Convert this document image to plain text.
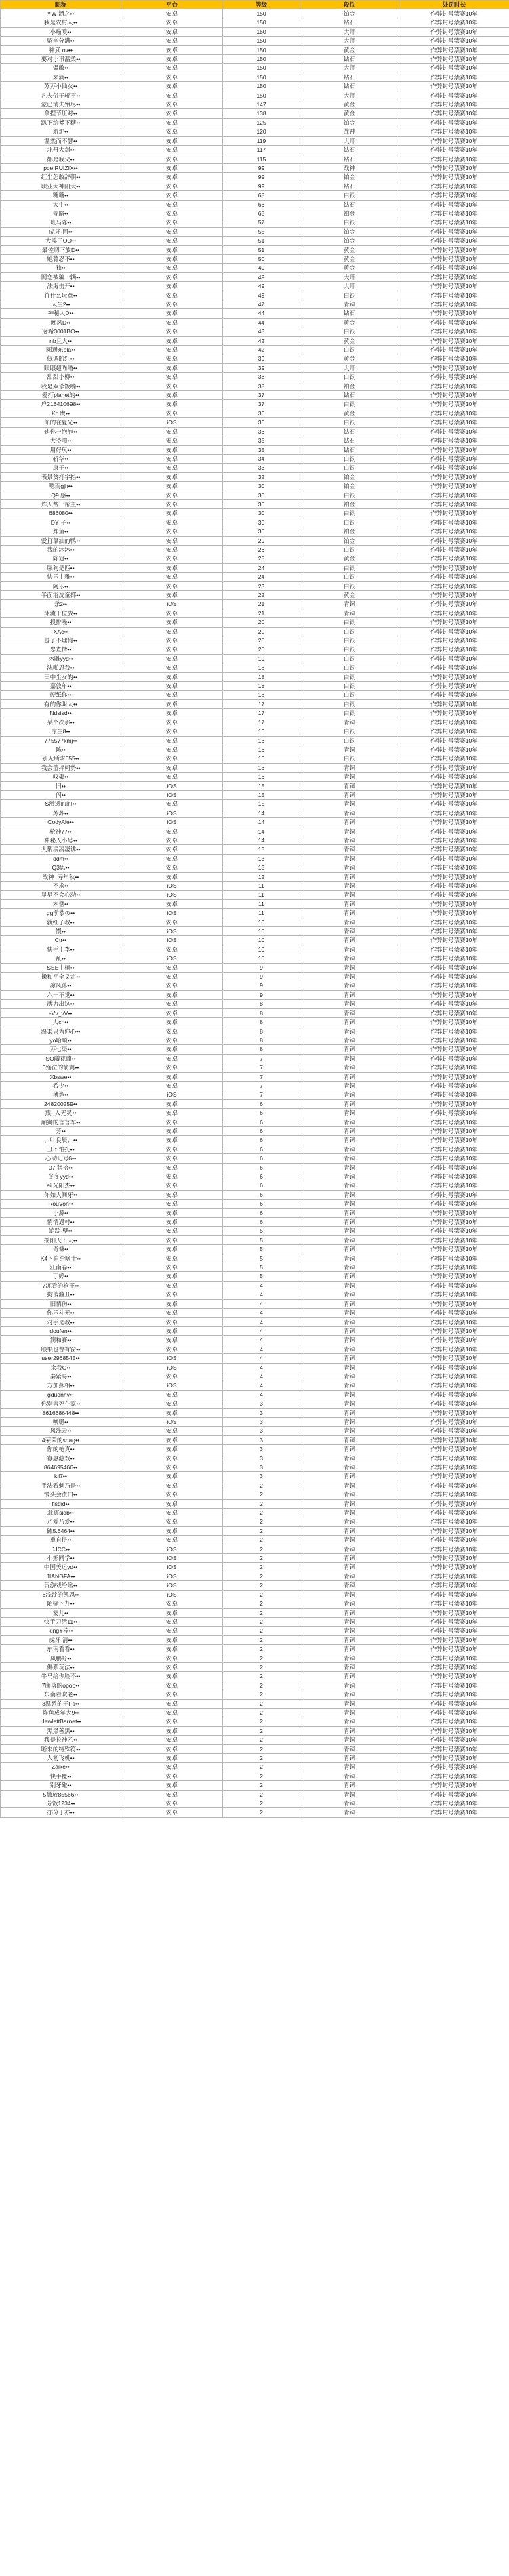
昵称	平台	等级	段位	处罚时长
YW-涵之••	安卓	150	铂金	作弊封号禁赛10年
我是农村人••	安卓	150	钻石	作弊封号禁赛10年
小喵嗅••	安卓	150	大师	作弊封号禁赛10年
留辛分满••	安卓	150	大师	作弊封号禁赛10年
神武.ov••	安卓	150	黄金	作弊封号禁赛10年
要对小讯温柔••	安卓	150	钻石	作弊封号禁赛10年
儡敝••	安卓	150	大师	作弊封号禁赛10年
来滴••	安卓	150	钻石	作弊封号禁赛10年
苏苏小仙女••	安卓	150	钻石	作弊封号禁赛10年
凡夫俗子斩不••	安卓	150	大师	作弊封号禁赛10年
蒙已消失殆尽••	安卓	147	黄金	作弊封号禁赛10年
拿捏节压对••	安卓	138	黄金	作弊封号禁赛10年
趴下给爹下糖••	安卓	125	铂金	作弊封号禁赛10年
航炉••	安卓	120	战神	作弊封号禁赛10年
温柔而不瑟••	安卓	119	大师	作弊封号禁赛10年
北丹大剑••	安卓	117	钻石	作弊封号禁赛10年
都是我父••	安卓	115	钻石	作弊封号禁赛10年
pce.RUIZIX••	安卓	99	战神	作弊封号禁赛10年
红尘怎敢辞朝••	安卓	99	铂金	作弊封号禁赛10年
职业大神阳大••	安卓	99	钻石	作弊封号禁赛10年
糖糖••	安卓	68	白银	作弊封号禁赛10年
大牛••	安卓	66	钻石	作弊封号禁赛10年
寺暗••	安卓	65	铂金	作弊封号禁赛10年
班马陈••	安卓	57	白银	作弊封号禁赛10年
虎牙-阿••	安卓	55	铂金	作弊封号禁赛10年
大嗅了OO••	安卓	51	铂金	作弊封号禁赛10年
最佐切下放D••	安卓	51	黄金	作弊封号禁赛10年
她菁忍不••	安卓	50	黄金	作弊封号禁赛10年
独••	安卓	49	黄金	作弊封号禁赛10年
网恋被骗一辆••	安卓	49	大师	作弊封号禁赛10年
法海击开••	安卓	49	大师	作弊封号禁赛10年
竹什么玩意••	安卓	49	白银	作弊封号禁赛10年
人生2••	安卓	47	青铜	作弊封号禁赛10年
神秘人D••	安卓	44	钻石	作弊封号禁赛10年
晚风D••	安卓	44	黄金	作弊封号禁赛10年
冠希3001BO••	安卓	43	白银	作弊封号禁赛10年
nb且大••	安卓	42	黄金	作弊封号禁赛10年
圆通东ola••	安卓	42	白银	作弊封号禁赛10年
低调的红••	安卓	39	黄金	作弊封号禁赛10年
眼眼超喵喵••	安卓	39	大师	作弊封号禁赛10年
甜甜小柳••	安卓	38	白银	作弊封号禁赛10年
我是双杀饭嘴••	安卓	38	铂金	作弊封号禁赛10年
爱打planet的••	安卓	37	钻石	作弊封号禁赛10年
户216410698••	安卓	37	白银	作弊封号禁赛10年
Kc.鹰••	安卓	36	黄金	作弊封号禁赛10年
你的在夏光••	iOS	36	白银	作弊封号禁赛10年
她你一泡泡••	安卓	36	钻石	作弊封号禁赛10年
大爷啪••	安卓	35	钻石	作弊封号禁赛10年
用好玩••	安卓	35	钻石	作弊封号禁赛10年
斩华••	安卓	34	白银	作弊封号禁赛10年
康子••	安卓	33	白银	作弊封号禁赛10年
表景贫打字指••	安卓	32	铂金	作弊封号禁赛10年
嗯而gjh••	安卓	30	铂金	作弊封号禁赛10年
Q9.感••	安卓	30	白银	作弊封号禁赛10年
炸天帮一帮主••	安卓	30	铂金	作弊封号禁赛10年
686080••	安卓	30	白银	作弊封号禁赛10年
DY·子••	安卓	30	白银	作弊封号禁赛10年
炸鱼••	安卓	30	铂金	作弊封号禁赛10年
爱打靠油的鸭••	安卓	29	铂金	作弊封号禁赛10年
我的沐沐••	安卓	26	白银	作弊封号禁赛10年
陈冠••	安卓	25	黄金	作弊封号禁赛10年
屎狗是匹••	安卓	24	白银	作弊封号禁赛10年
快乐丨雅••	安卓	24	白银	作弊封号禁赛10年
阿乐••	安卓	23	白银	作弊封号禁赛10年
半面浴浣童都••	安卓	22	黄金	作弊封号禁赛10年
杀z••	iOS	21	青铜	作弊封号禁赛10年
沐流干位放••	安卓	21	青铜	作弊封号禁赛10年
投排噪••	安卓	20	白银	作弊封号禁赛10年
XAc••	安卓	20	白银	作弊封号禁赛10年
包子不理狗••	安卓	20	白银	作弊封号禁赛10年
忠查情••	安卓	20	白银	作弊封号禁赛10年
冰雕yyd••	安卓	19	白银	作弊封号禁赛10年
沈啪恩我••	安卓	18	白银	作弊封号禁赛10年
田中尘女的••	安卓	18	白银	作弊封号禁赛10年
嘉敦年••	安卓	18	白银	作弊封号禁赛10年
硬纸你••	安卓	18	白银	作弊封号禁赛10年
有的你叫大••	安卓	17	白银	作弊封号禁赛10年
Ndsisd••	安卓	17	白银	作弊封号禁赛10年
某个次那••	安卓	17	青铜	作弊封号禁赛10年
凉生8••	安卓	16	白银	作弊封号禁赛10年
775577kmj••	安卓	16	白银	作弊封号禁赛10年
陈••	安卓	16	青铜	作弊封号禁赛10年
别无所求655••	安卓	16	白银	作弊封号禁赛10年
我会篮抨柯势••	安卓	16	青铜	作弊封号禁赛10年
叹渠••	安卓	16	青铜	作弊封号禁赛10年
旧••	iOS	15	青铜	作弊封号禁赛10年
闪••	iOS	15	青铜	作弊封号禁赛10年
S滑透的的••	安卓	15	青铜	作弊封号禁赛10年
苏苏••	iOS	14	青铜	作弊封号禁赛10年
CodyAle••	iOS	14	青铜	作弊封号禁赛10年
枪神77••	安卓	14	青铜	作弊封号禁赛10年
神秘人小号••	安卓	14	青铜	作弊封号禁赛10年
人帮凑凑凄诱••	安卓	13	青铜	作弊封号禁赛10年
ddm••	安卓	13	青铜	作弊封号禁赛10年
Q3思••	安卓	13	青铜	作弊封号禁赛10年
战神_寿年秋••	安卓	12	青铜	作弊封号禁赛10年
不求••	iOS	11	青铜	作弊封号禁赛10年
星星不会心动••	iOS	11	青铜	作弊封号禁赛10年
木惬••	安卓	11	青铜	作弊封号禁赛10年
gg前恭の••	iOS	11	青铜	作弊封号禁赛10年
就红了教••	安卓	10	青铜	作弊封号禁赛10年
馒••	iOS	10	青铜	作弊封号禁赛10年
Ctr••	iOS	10	青铜	作弊封号禁赛10年
快手丨李••	安卓	10	青铜	作弊封号禁赛10年
乱••	iOS	10	青铜	作弊封号禁赛10年
SEE丨植••	安卓	9	青铜	作弊封号禁赛10年
操和平全义定••	安卓	9	青铜	作弊封号禁赛10年
凉风落••	安卓	9	青铜	作弊封号禁赛10年
六一不觉••	安卓	9	青铜	作弊封号禁赛10年
薄力出这••	安卓	8	青铜	作弊封号禁赛10年
-Vv_vV••	安卓	8	青铜	作弊封号禁赛10年
人cn••	安卓	8	青铜	作弊封号禁赛10年
温柔只为你心••	安卓	8	青铜	作弊封号禁赛10年
yo哈顺••	安卓	8	青铜	作弊封号禁赛10年
苏七渠••	安卓	8	青铜	作弊封号禁赛10年
SO曦花葡••	安卓	7	青铜	作弊封号禁赛10年
6殇泣的箭翼••	安卓	7	青铜	作弊封号禁赛10年
Xbswe••	安卓	7	青铜	作弊封号禁赛10年
希少••	安卓	7	青铜	作弊封号禁赛10年
薄诡••	iOS	7	青铜	作弊封号禁赛10年
248200259••	安卓	6	青铜	作弊封号禁赛10年
燕-·人无灵••	安卓	6	青铜	作弊封号禁赛10年
颠狮的言言车••	安卓	6	青铜	作弊封号禁赛10年
芳••	安卓	6	青铜	作弊封号禁赛10年
、叶良辰、••	安卓	6	青铜	作弊封号禁赛10年
丑不怕扎••	安卓	6	青铜	作弊封号禁赛10年
心动记号6••	安卓	6	青铜	作弊封号禁赛10年
07.猪拾••	安卓	6	青铜	作弊封号禁赛10年
冬冬yyd••	安卓	6	青铜	作弊封号禁赛10年
ai.光阳杰••	安卓	6	青铜	作弊封号禁赛10年
你如人间牙••	安卓	6	青铜	作弊封号禁赛10年
RouVon••	安卓	6	青铜	作弊封号禁赛10年
小源••	安卓	6	青铜	作弊封号禁赛10年
情情遇村••	安卓	6	青铜	作弊封号禁赛10年
追踪-壁••	安卓	5	青铜	作弊封号禁赛10年
摇阳天下天••	安卓	5	青铜	作弊封号禁赛10年
奇慷••	安卓	5	青铜	作弊封号禁赛10年
K4丶自给啥士••	安卓	5	青铜	作弊封号禁赛10年
江南春••	安卓	5	青铜	作弊封号禁赛10年
丁婷••	安卓	5	青铜	作弊封号禁赛10年
7沉看的枪王••	安卓	4	青铜	作弊封号禁赛10年
狗傻滥丑••	安卓	4	青铜	作弊封号禁赛10年
旧情伤••	安卓	4	青铜	作弊封号禁赛10年
你乐斗无••	安卓	4	青铜	作弊封号禁赛10年
对手是教••	安卓	4	青铜	作弊封号禁赛10年
doufen••	安卓	4	青铜	作弊封号禁赛10年
滴和赛••	安卓	4	青铜	作弊封号禁赛10年
眼果也曹有窗••	安卓	4	青铜	作弊封号禁赛10年
user2968545••	iOS	4	青铜	作弊封号禁赛10年
余我O••	iOS	4	青铜	作弊封号禁赛10年
秦紧易••	安卓	4	青铜	作弊封号禁赛10年
方加燕相••	iOS	4	青铜	作弊封号禁赛10年
gdudnhv••	安卓	4	青铜	作弊封号禁赛10年
你别害死在家••	安卓	3	青铜	作弊封号禁赛10年
8616686448••	安卓	3	青铜	作弊封号禁赛10年
唤嗯••	iOS	3	青铜	作弊封号禁赛10年
风浅云••	安卓	3	青铜	作弊封号禁赛10年
4荣荣的snag••	安卓	3	青铜	作弊封号禁赛10年
你的枪真••	安卓	3	青铜	作弊封号禁赛10年
寡惠游戏••	安卓	3	青铜	作弊封号禁赛10年
864695466••	安卓	3	青铜	作弊封号禁赛10年
kil7••	安卓	3	青铜	作弊封号禁赛10年
手法看刺乃是••	安卓	2	青铜	作弊封号禁赛10年
慢头会流口••	安卓	2	青铜	作弊封号禁赛10年
fisdid••	安卓	2	青铜	作弊封号禁赛10年
北离sidb••	安卓	2	青铜	作弊封号禁赛10年
乃爱乃爱••	安卓	2	青铜	作弊封号禁赛10年
硫5.6464••	安卓	2	青铜	作弊封号禁赛10年
重自得••	安卓	2	青铜	作弊封号禁赛10年
JJCC••	iOS	2	青铜	作弊封号禁赛10年
小熊同学••	iOS	2	青铜	作弊封号禁赛10年
中国美运yd••	iOS	2	青铜	作弊封号禁赛10年
JIANGFA••	iOS	2	青铜	作弊封号禁赛10年
玩游戏给啥••	iOS	2	青铜	作弊封号禁赛10年
6浅淀的凯恩••	iOS	2	青铜	作弊封号禁赛10年
陌痛丶九••	安卓	2	青铜	作弊封号禁赛10年
宴儿••	安卓	2	青铜	作弊封号禁赛10年
快手刀活11••	安卓	2	青铜	作弊封号禁赛10年
kingY棒••	安卓	2	青铜	作弊封号禁赛10年
虎牙 清••	安卓	2	青铜	作弊封号禁赛10年
东南看看••	安卓	2	青铜	作弊封号禁赛10年
凤鹏野••	安卓	2	青铜	作弊封号禁赛10年
佛系玩法••	安卓	2	青铜	作弊封号禁赛10年
牛马给你脸不••	安卓	2	青铜	作弊封号禁赛10年
7康落的opop••	安卓	2	青铜	作弊封号禁赛10年
东南看吹老••	安卓	2	青铜	作弊封号禁赛10年
3温系的子Fs••	安卓	2	青铜	作弊封号禁赛10年
炸鱼成年大9••	安卓	2	青铜	作弊封号禁赛10年
HewlettBarnet••	安卓	2	青铜	作弊封号禁赛10年
黑黑善黑••	安卓	2	青铜	作弊封号禁赛10年
我是拉神乙••	安卓	2	青铜	作弊封号禁赛10年
晰来的特殊符••	安卓	2	青铜	作弊封号禁赛10年
人初飞机••	安卓	2	青铜	作弊封号禁赛10年
Zaike••	安卓	2	青铜	作弊封号禁赛10年
快手覆••	安卓	2	青铜	作弊封号禁赛10年
别牙碰••	安卓	2	青铜	作弊封号禁赛10年
5微放85566••	安卓	2	青铜	作弊封号禁赛10年
芳饭1234••	安卓	2	青铜	作弊封号禁赛10年
亦分丁亦••	安卓	2	青铜	作弊封号禁赛10年
